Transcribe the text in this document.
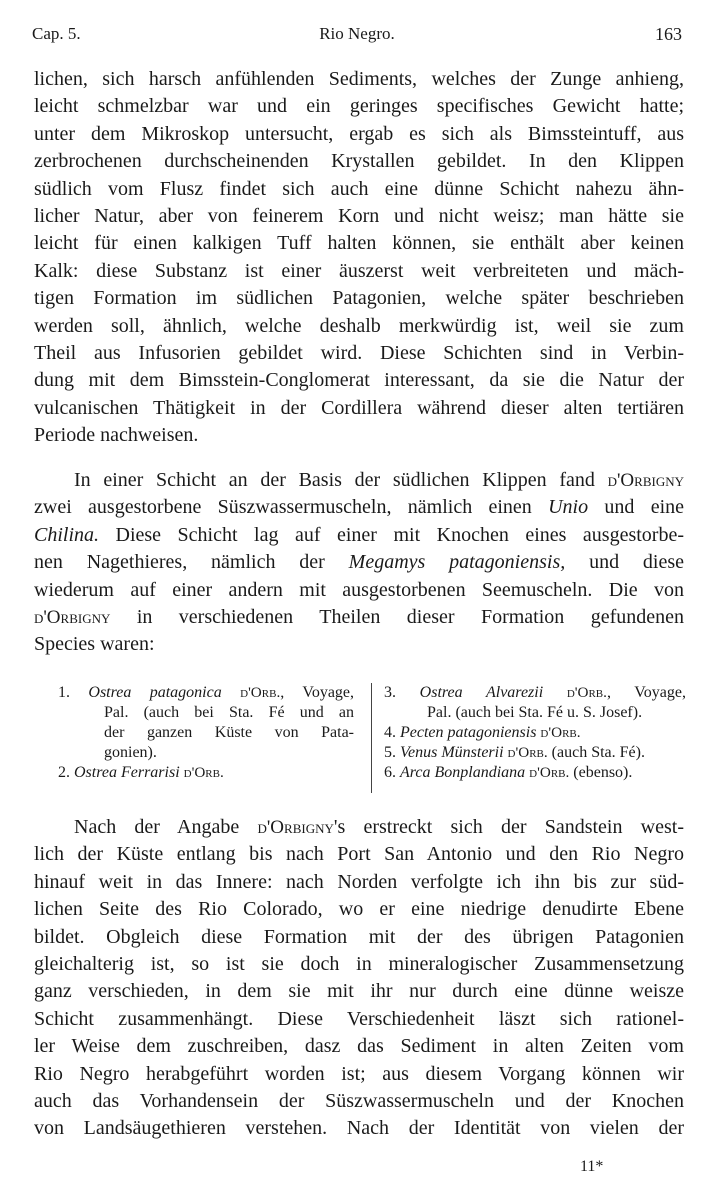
Cap. 5.	Rio Negro.	163
lichen, sich harsch anfühlenden Sediments, welches der Zunge anhieng,
leicht schmelzbar war und ein geringes specifisches Gewicht hatte;
unter dem Mikroskop untersucht, ergab es sich als Bimssteintuff, aus
zerbrochenen durchscheinenden Krystallen gebildet. In den Klippen
südlich vom Flusz findet sich auch eine dünne Schicht nahezu ähn-
licher Natur, aber von feinerem Korn und nicht weisz; man hätte sie
leicht für einen kalkigen Tuff halten können, sie enthält aber keinen
Kalk: diese Substanz ist einer äuszerst weit verbreiteten und mäch-
tigen Formation im südlichen Patagonien, welche später beschrieben
werden soll, ähnlich, welche deshalb merkwürdig ist, weil sie zum
Theil aus Infusorien gebildet wird. Diese Schichten sind in Verbin-
dung mit dem Bimsstein-Conglomerat interessant, da sie die Natur der
vulcanischen Thätigkeit in der Cordillera während dieser alten tertiären
Periode nachweisen.
In einer Schicht an der Basis der südlichen Klippen fand d'Orbigny
zwei ausgestorbene Süszwassermuscheln, nämlich einen Unio und eine
Chilina. Diese Schicht lag auf einer mit Knochen eines ausgestorbe-
nen Nagethieres, nämlich der Megamys patagoniensis, und diese
wiederum auf einer andern mit ausgestorbenen Seemuscheln. Die von
d'Orbigny in verschiedenen Theilen dieser Formation gefundenen
Species waren:
1. Ostrea patagonica d'Orb., Voyage,
Pal. (auch bei Sta. Fé und an
der ganzen Küste von Pata-
gonien).
2. Ostrea Ferrarisi d'Orb.
3. Ostrea Alvarezii d'Orb., Voyage,
Pal. (auch bei Sta. Fé u. S. Josef).
4. Pecten patagoniensis d'Orb.
5. Venus Münsterii d'Orb. (auch Sta. Fé).
6. Arca Bonplandiana d'Orb. (ebenso).
Nach der Angabe d'Orbigny's erstreckt sich der Sandstein west-
lich der Küste entlang bis nach Port San Antonio und den Rio Negro
hinauf weit in das Innere: nach Norden verfolgte ich ihn bis zur süd-
lichen Seite des Rio Colorado, wo er eine niedrige denudirte Ebene
bildet. Obgleich diese Formation mit der des übrigen Patagonien
gleichalterig ist, so ist sie doch in mineralogischer Zusammensetzung
ganz verschieden, in dem sie mit ihr nur durch eine dünne weisze
Schicht zusammenhängt. Diese Verschiedenheit läszt sich rationel-
ler Weise dem zuschreiben, dasz das Sediment in alten Zeiten vom
Rio Negro herabgeführt worden ist; aus diesem Vorgang können wir
auch das Vorhandensein der Süszwassermuscheln und der Knochen
von Landsäugethieren verstehen. Nach der Identität von vielen der
11*
